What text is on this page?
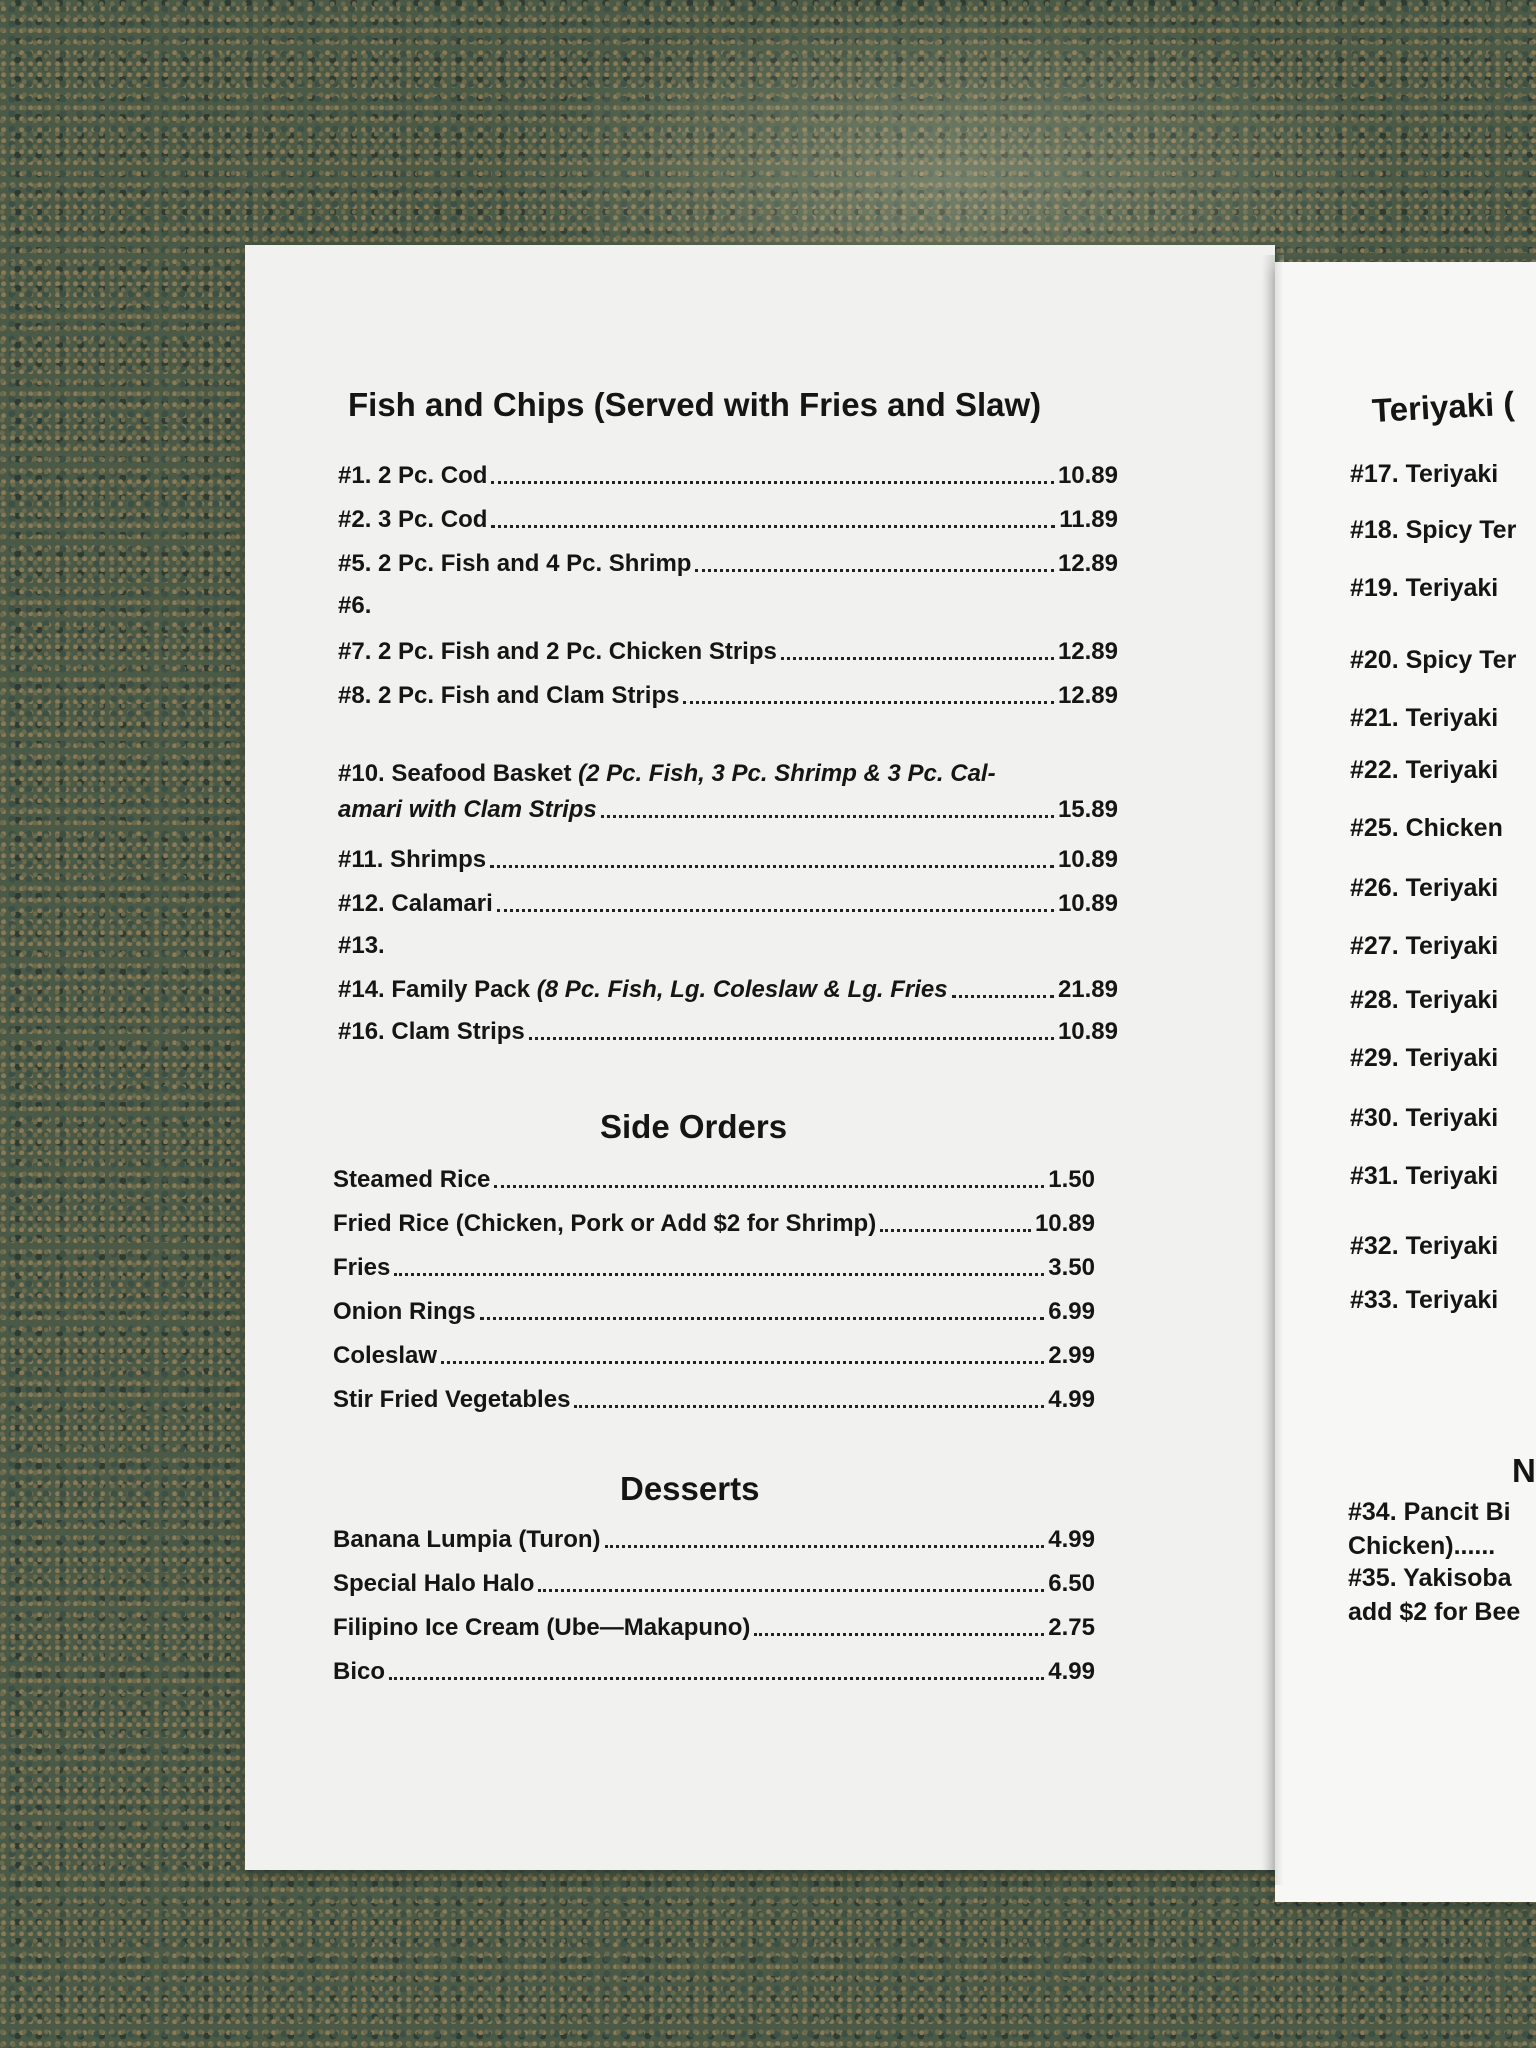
Fish and Chips (Served with Fries and Slaw)
#1. 2 Pc. Cod	10.89
#2. 3 Pc. Cod	11.89
#5. 2 Pc. Fish and 4 Pc. Shrimp	12.89
#6.
#7. 2 Pc. Fish and 2 Pc. Chicken Strips	12.89
#8. 2 Pc. Fish and Clam Strips	12.89
#10. Seafood Basket (2 Pc. Fish, 3 Pc. Shrimp & 3 Pc. Cal-
amari with Clam Strips	15.89
#11. Shrimps	10.89
#12. Calamari	10.89
#13.
#14. Family Pack (8 Pc. Fish, Lg. Coleslaw & Lg. Fries	21.89
#16. Clam Strips	10.89
Side Orders
Steamed Rice	1.50
Fried Rice (Chicken, Pork or Add $2 for Shrimp)	10.89
Fries	3.50
Onion Rings	6.99
Coleslaw	2.99
Stir Fried Vegetables	4.99
Desserts
Banana Lumpia (Turon)	4.99
Special Halo Halo	6.50
Filipino Ice Cream (Ube—Makapuno)	2.75
Bico	4.99
Teriyaki (
#17. Teriyaki
#18. Spicy Ter
#19. Teriyaki
#20. Spicy Ter
#21. Teriyaki
#22. Teriyaki
#25. Chicken
#26. Teriyaki
#27. Teriyaki
#28. Teriyaki
#29. Teriyaki
#30. Teriyaki
#31. Teriyaki
#32. Teriyaki
#33. Teriyaki
N
#34. Pancit Bi
Chicken)......
#35. Yakisoba
add $2 for Bee
